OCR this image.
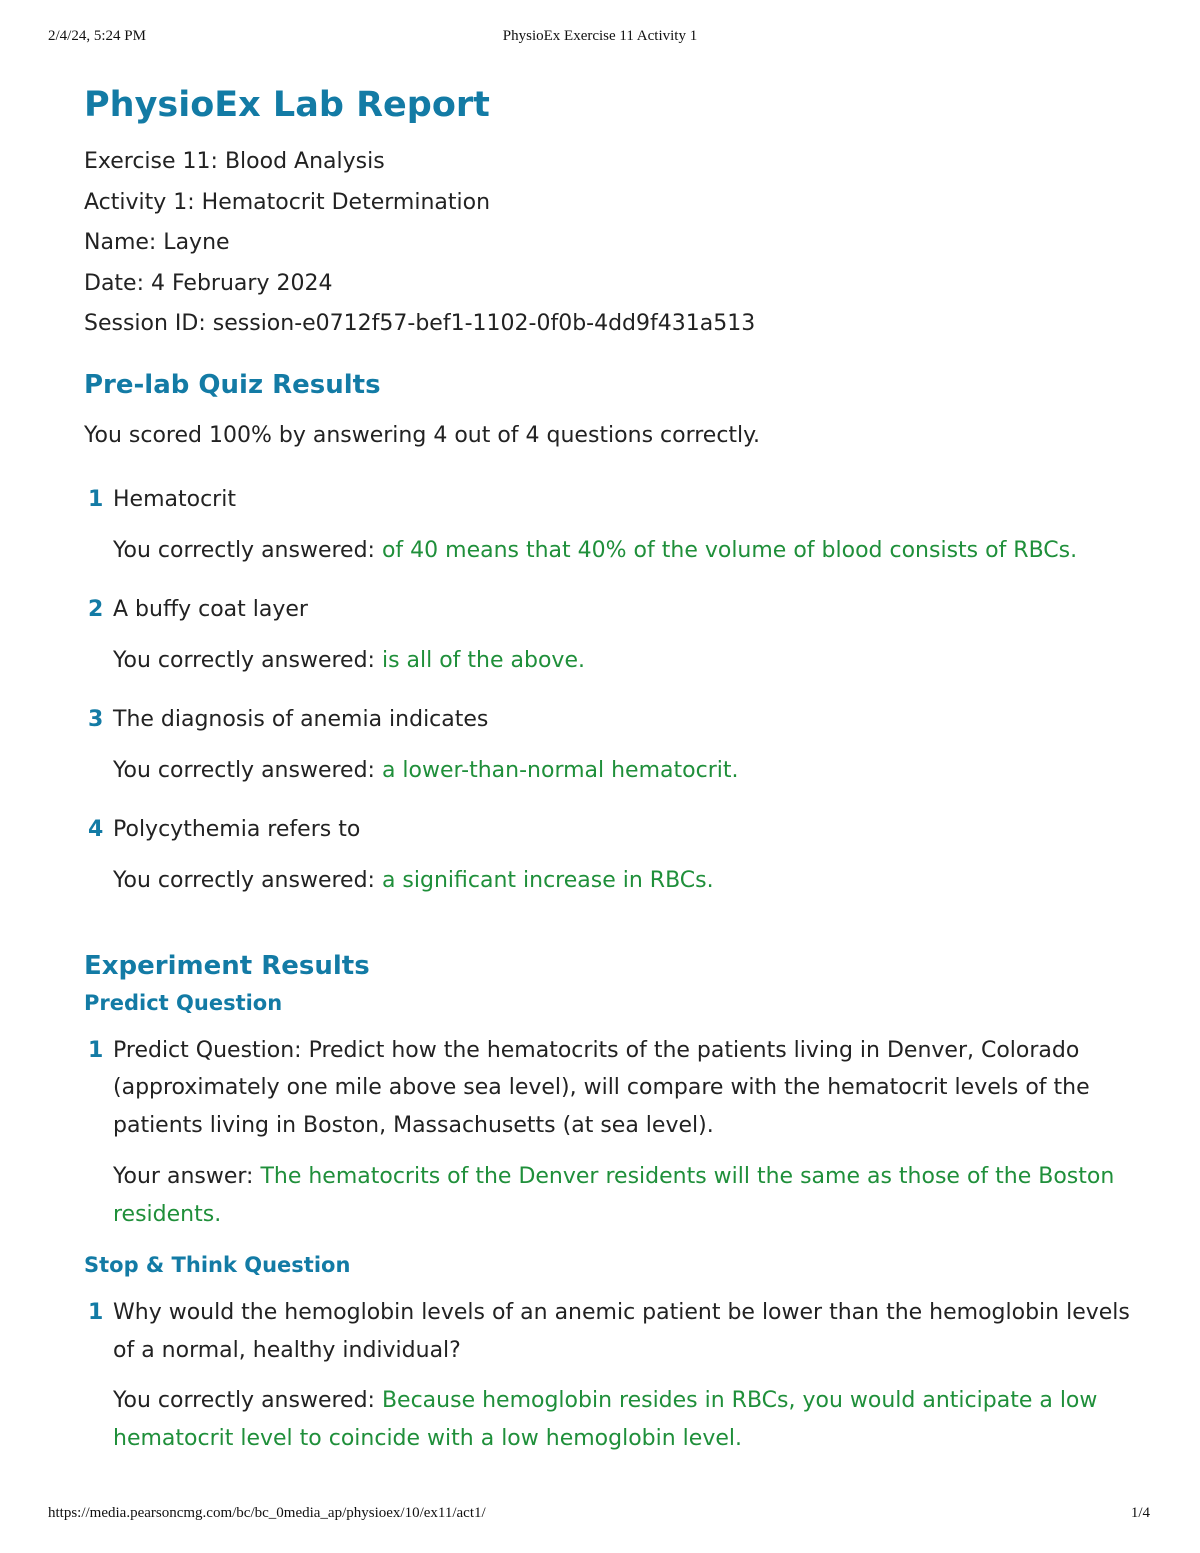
PhysioEx Exercise 11 Activity 1
2/4/24, 5:24 PM
PhysioEx Lab Report
Exercise 11: Blood Analysis
Activity 1: Hematocrit Determination
Name: Layne
Date: 4 February 2024
Session ID: session-e0712f57-bef1-1102-0f0b-4dd9f431a513
Pre-lab Quiz Results
You scored 100% by answering 4 out of 4 questions correctly.
1 Hematocrit
You correctly answered: of 40 means that 40% of the volume of blood consists of RBCs.
2 A buffy coat layer
You correctly answered: is all of the above.
3 The diagnosis of anemia indicates
You correctly answered: a lower-than-normal hematocrit.
4 Polycythemia refers to
You correctly answered: a significant increase in RBCs.
Experiment Results
Predict Question
1 Predict Question: Predict how the hematocrits of the patients living in Denver, Colorado (approximately one mile above sea level), will compare with the hematocrit levels of the patients living in Boston, Massachusetts (at sea level).
Your answer: The hematocrits of the Denver residents will the same as those of the Boston residents.
Stop & Think Question
1 Why would the hemoglobin levels of an anemic patient be lower than the hemoglobin levels of a normal, healthy individual?
You correctly answered: Because hemoglobin resides in RBCs, you would anticipate a low hematocrit level to coincide with a low hemoglobin level.
https://media.pearsoncmg.com/bc/bc_0media_ap/physioex/10/ex11/act1/	1/4
